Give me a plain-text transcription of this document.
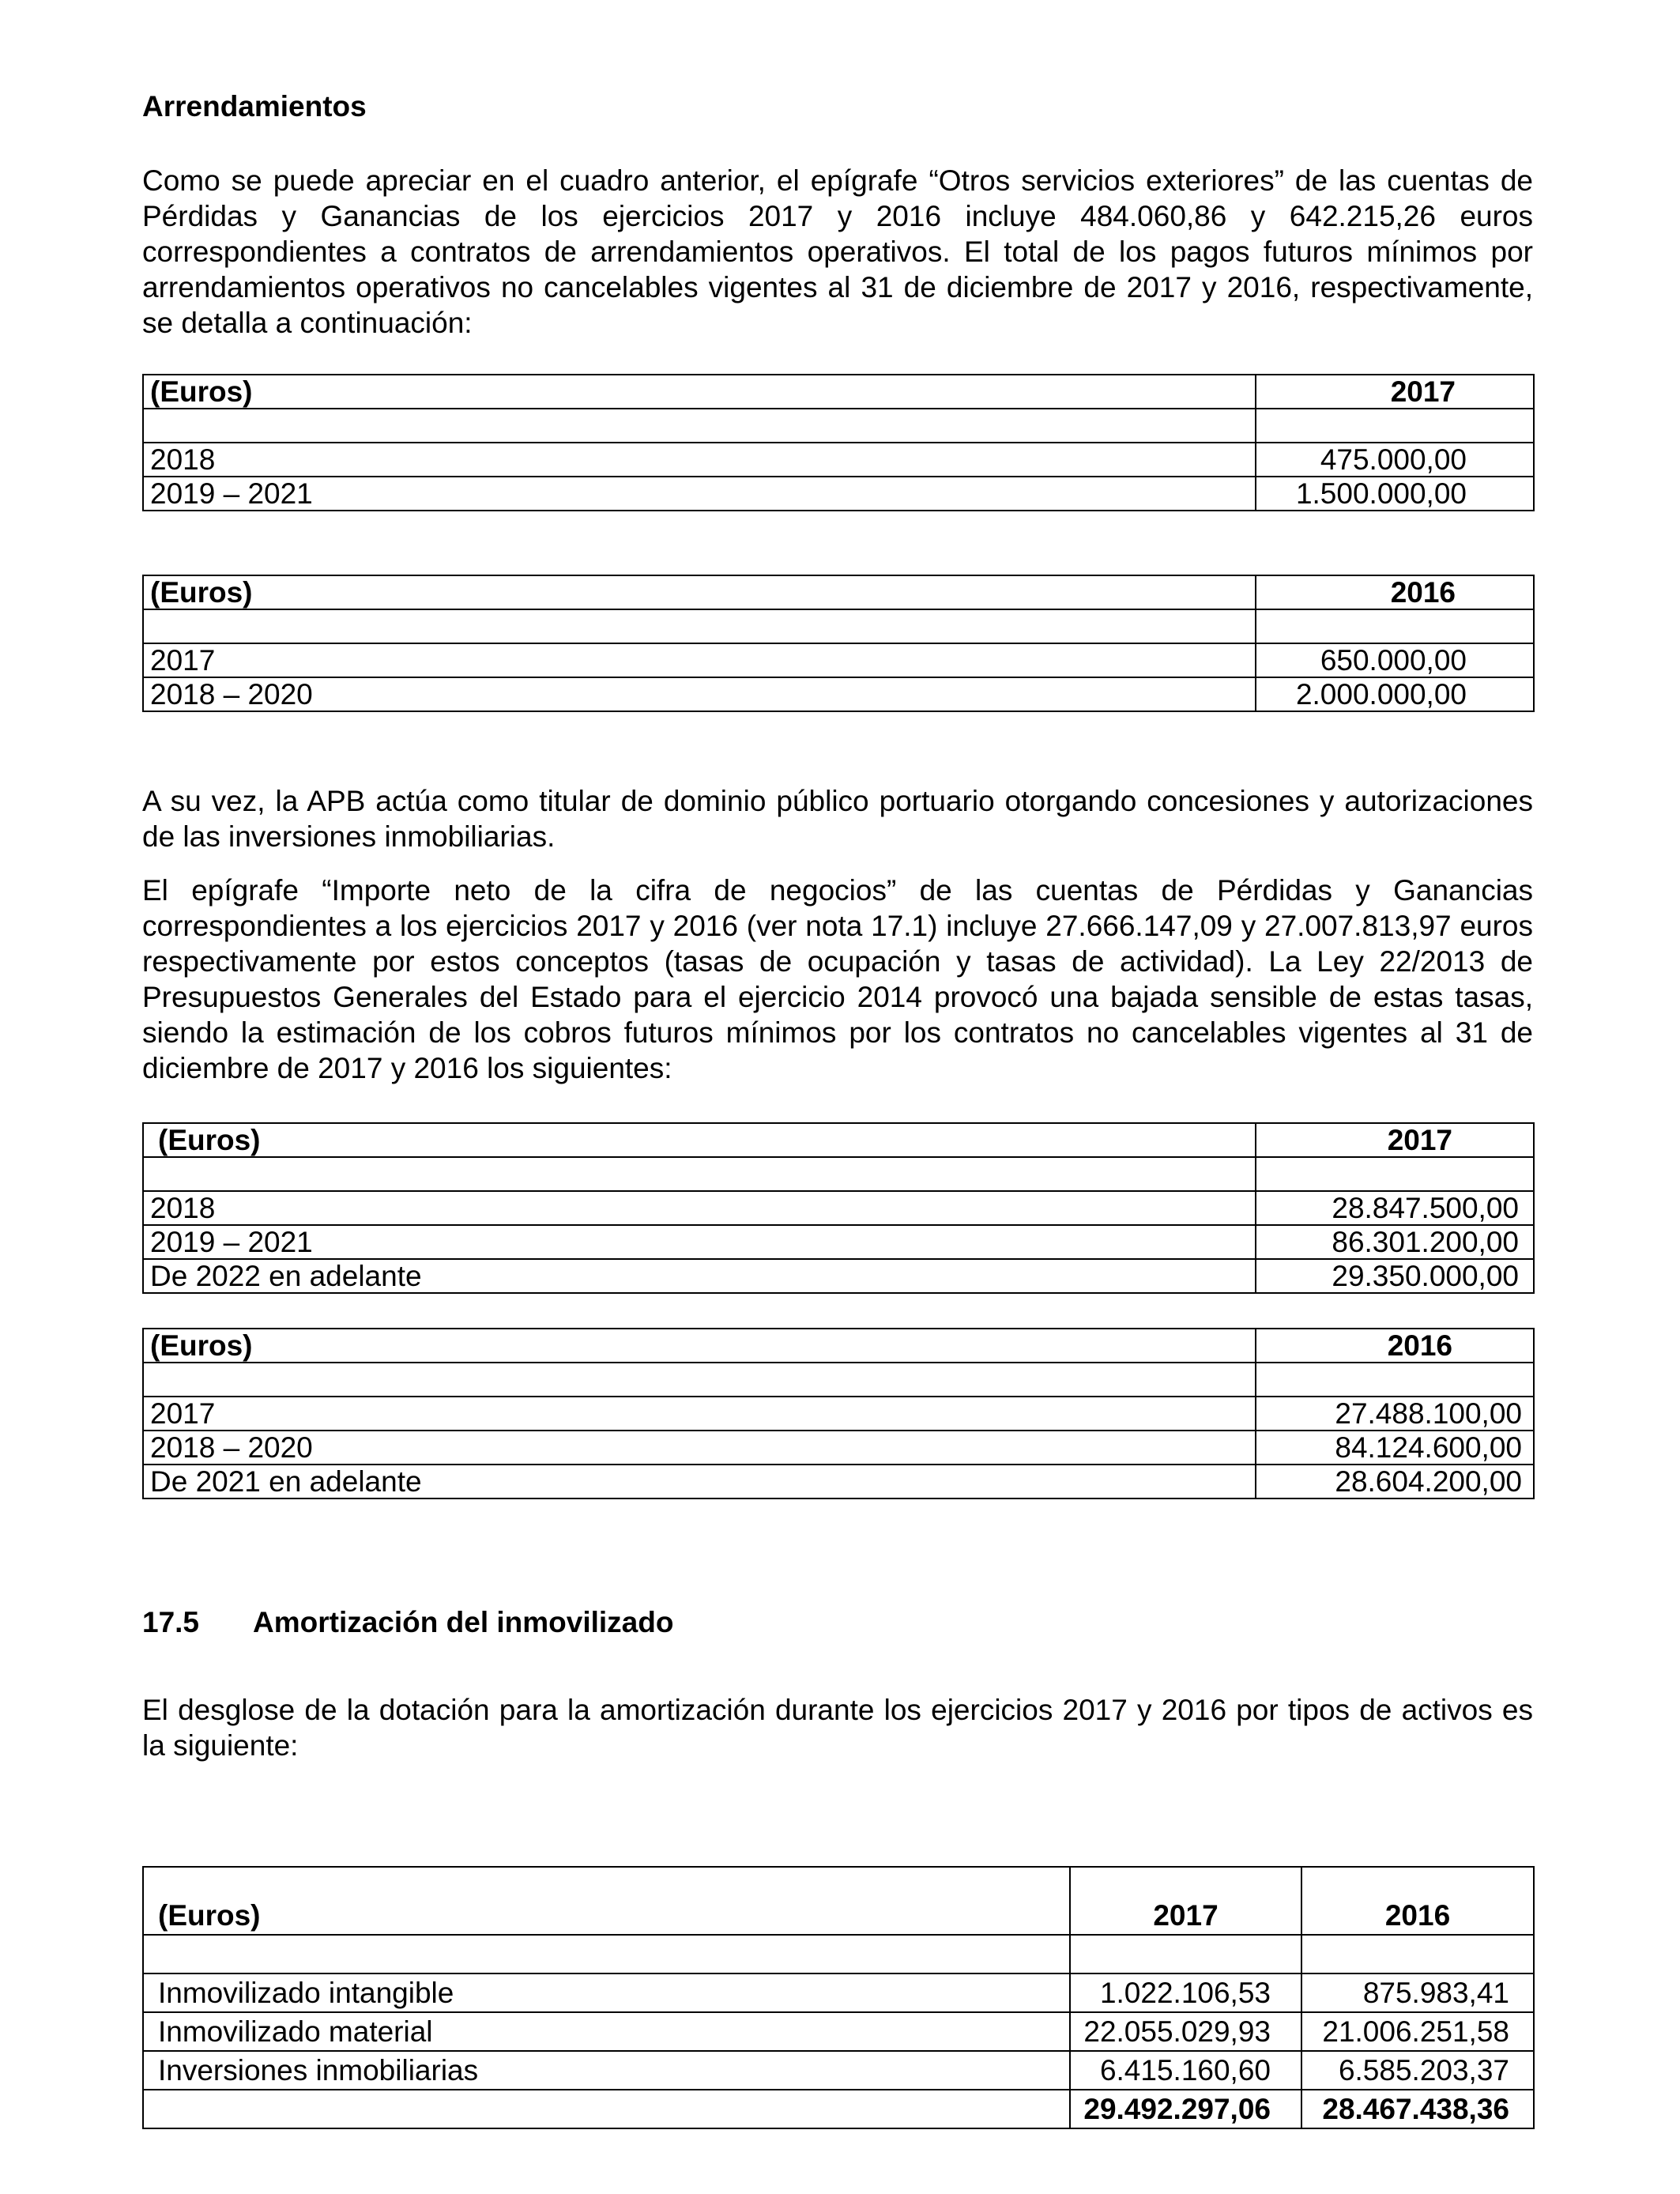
Arrendamientos

Como se puede apreciar en el cuadro anterior, el epígrafe “Otros servicios exteriores” de las cuentas de Pérdidas y Ganancias de los ejercicios 2017 y 2016 incluye 484.060,86 y 642.215,26 euros correspondientes a contratos de arrendamientos operativos. El total de los pagos futuros mínimos por arrendamientos operativos no cancelables vigentes al 31 de diciembre de 2017 y 2016, respectivamente, se detalla a continuación:

(Euros)	2017

2018	475.000,00
2019 – 2021	1.500.000,00
(Euros)	2016

2017	650.000,00
2018 – 2020	2.000.000,00

A su vez, la APB actúa como titular de dominio público portuario otorgando concesiones y autorizaciones de las inversiones inmobiliarias.

El epígrafe “Importe neto de la cifra de negocios” de las cuentas de Pérdidas y Ganancias correspondientes a los ejercicios 2017 y 2016 (ver nota 17.1) incluye 27.666.147,09 y 27.007.813,97 euros respectivamente por estos conceptos (tasas de ocupación y tasas de actividad). La Ley 22/2013 de Presupuestos Generales del Estado para el ejercicio 2014 provocó una bajada sensible de estas tasas, siendo la estimación de los cobros futuros mínimos por los contratos no cancelables vigentes al 31 de diciembre de 2017 y 2016 los siguientes:

(Euros)	2017

2018	28.847.500,00
2019 – 2021	86.301.200,00
De 2022 en adelante	29.350.000,00
(Euros)	2016

2017	27.488.100,00
2018 – 2020	84.124.600,00
De 2021 en adelante	28.604.200,00

17.5 Amortización del inmovilizado

El desglose de la dotación para la amortización durante los ejercicios 2017 y 2016 por tipos de activos es la siguiente:

(Euros)	2017	2016

Inmovilizado intangible	1.022.106,53	875.983,41
Inmovilizado material	22.055.029,93	21.006.251,58
Inversiones inmobiliarias	6.415.160,60	6.585.203,37
	29.492.297,06	28.467.438,36
